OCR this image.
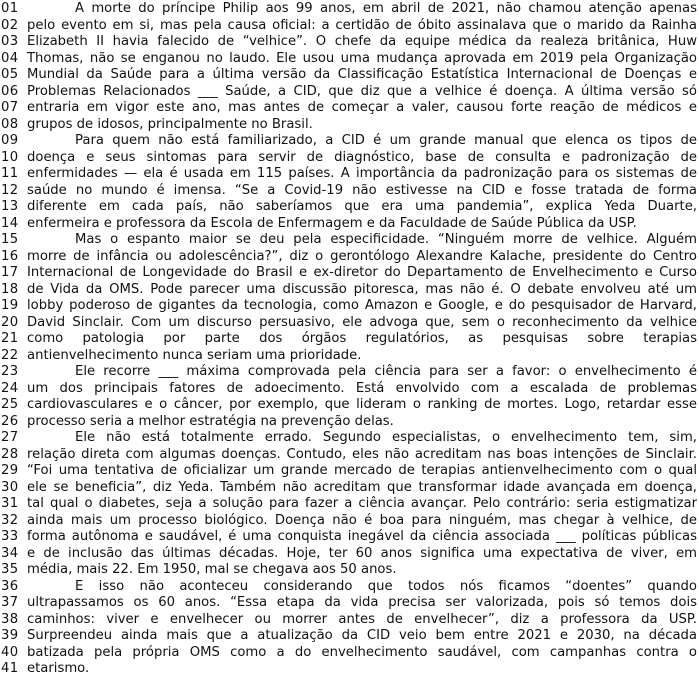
01	A morte do príncipe Philip aos 99 anos, em abril de 2021, não chamou atenção apenas
02 pelo evento em si, mas pela causa oficial: a certidão de óbito assinalava que o marido da Rainha
03 Elizabeth II havia falecido de “velhice”. O chefe da equipe médica da realeza britânica, Huw
04 Thomas, não se enganou no laudo. Ele usou uma mudança aprovada em 2019 pela Organização
05 Mundial da Saúde para a última versão da Classificação Estatística Internacional de Doenças e
06 Problemas Relacionados ___ Saúde, a CID, que diz que a velhice é doença. A última versão só
07 entraria em vigor este ano, mas antes de começar a valer, causou forte reação de médicos e
08 grupos de idosos, principalmente no Brasil.
09	Para quem não está familiarizado, a CID é um grande manual que elenca os tipos de
10 doença e seus sintomas para servir de diagnóstico, base de consulta e padronização de
11 enfermidades — ela é usada em 115 países. A importância da padronização para os sistemas de
12 saúde no mundo é imensa. “Se a Covid-19 não estivesse na CID e fosse tratada de forma
13 diferente em cada país, não saberíamos que era uma pandemia”, explica Yeda Duarte,
14 enfermeira e professora da Escola de Enfermagem e da Faculdade de Saúde Pública da USP.
15	Mas o espanto maior se deu pela especificidade. “Ninguém morre de velhice. Alguém
16 morre de infância ou adolescência?”, diz o gerontólogo Alexandre Kalache, presidente do Centro
17 Internacional de Longevidade do Brasil e ex-diretor do Departamento de Envelhecimento e Curso
18 de Vida da OMS. Pode parecer uma discussão pitoresca, mas não é. O debate envolveu até um
19 lobby poderoso de gigantes da tecnologia, como Amazon e Google, e do pesquisador de Harvard,
20 David Sinclair. Com um discurso persuasivo, ele advoga que, sem o reconhecimento da velhice
21 como patologia por parte dos órgãos regulatórios, as pesquisas sobre terapias
22 antienvelhecimento nunca seriam uma prioridade.
23	Ele recorre ___ máxima comprovada pela ciência para ser a favor: o envelhecimento é
24 um dos principais fatores de adoecimento. Está envolvido com a escalada de problemas
25 cardiovasculares e o câncer, por exemplo, que lideram o ranking de mortes. Logo, retardar esse
26 processo seria a melhor estratégia na prevenção delas.
27	Ele não está totalmente errado. Segundo especialistas, o envelhecimento tem, sim,
28 relação direta com algumas doenças. Contudo, eles não acreditam nas boas intenções de Sinclair.
29 “Foi uma tentativa de oficializar um grande mercado de terapias antienvelhecimento com o qual
30 ele se beneficia”, diz Yeda. Também não acreditam que transformar idade avançada em doença,
31 tal qual o diabetes, seja a solução para fazer a ciência avançar. Pelo contrário: seria estigmatizar
32 ainda mais um processo biológico. Doença não é boa para ninguém, mas chegar à velhice, de
33 forma autônoma e saudável, é uma conquista inegável da ciência associada ___ políticas públicas
34 e de inclusão das últimas décadas. Hoje, ter 60 anos significa uma expectativa de viver, em
35 média, mais 22. Em 1950, mal se chegava aos 50 anos.
36	E isso não aconteceu considerando que todos nós ficamos “doentes” quando
37 ultrapassamos os 60 anos. “Essa etapa da vida precisa ser valorizada, pois só temos dois
38 caminhos: viver e envelhecer ou morrer antes de envelhecer”, diz a professora da USP.
39 Surpreendeu ainda mais que a atualização da CID veio bem entre 2021 e 2030, na década
40 batizada pela própria OMS como a do envelhecimento saudável, com campanhas contra o
41 etarismo.
